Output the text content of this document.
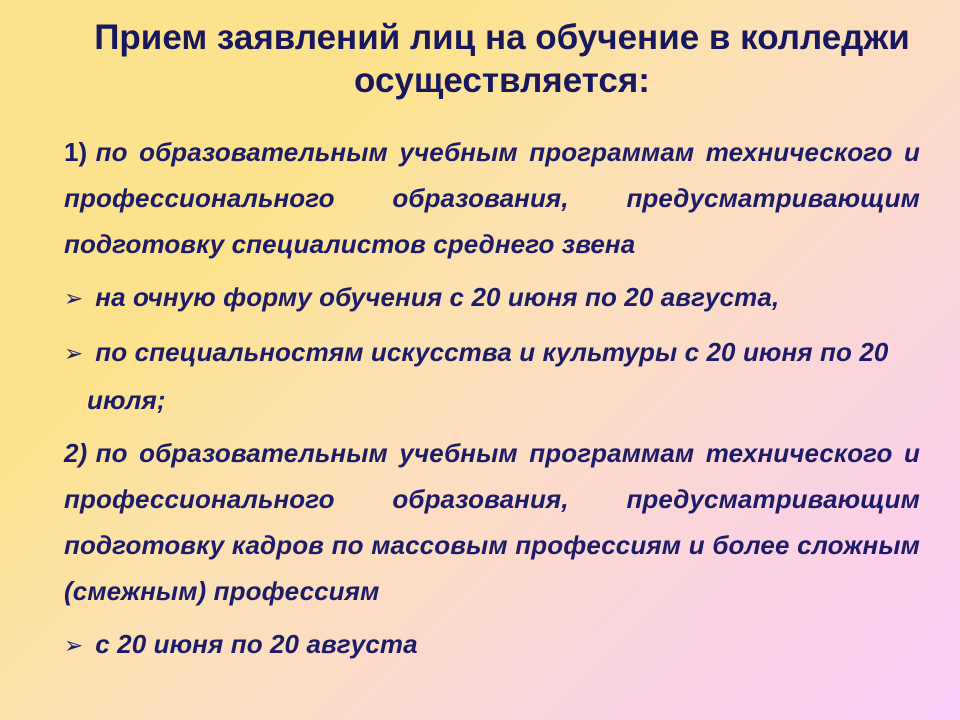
Прием заявлений лиц на обучение в колледжи осуществляется:

1) по образовательным учебным программам технического и профессионального образования, предусматривающим подготовку специалистов среднего звена

➢ на очную форму обучения с 20 июня по 20 августа,

➢ по специальностям искусства и культуры с 20 июня по 20 июля;

2) по образовательным учебным программам технического и профессионального образования, предусматривающим подготовку кадров по массовым профессиям и более сложным (смежным) профессиям

➢ с 20 июня по 20 августа
